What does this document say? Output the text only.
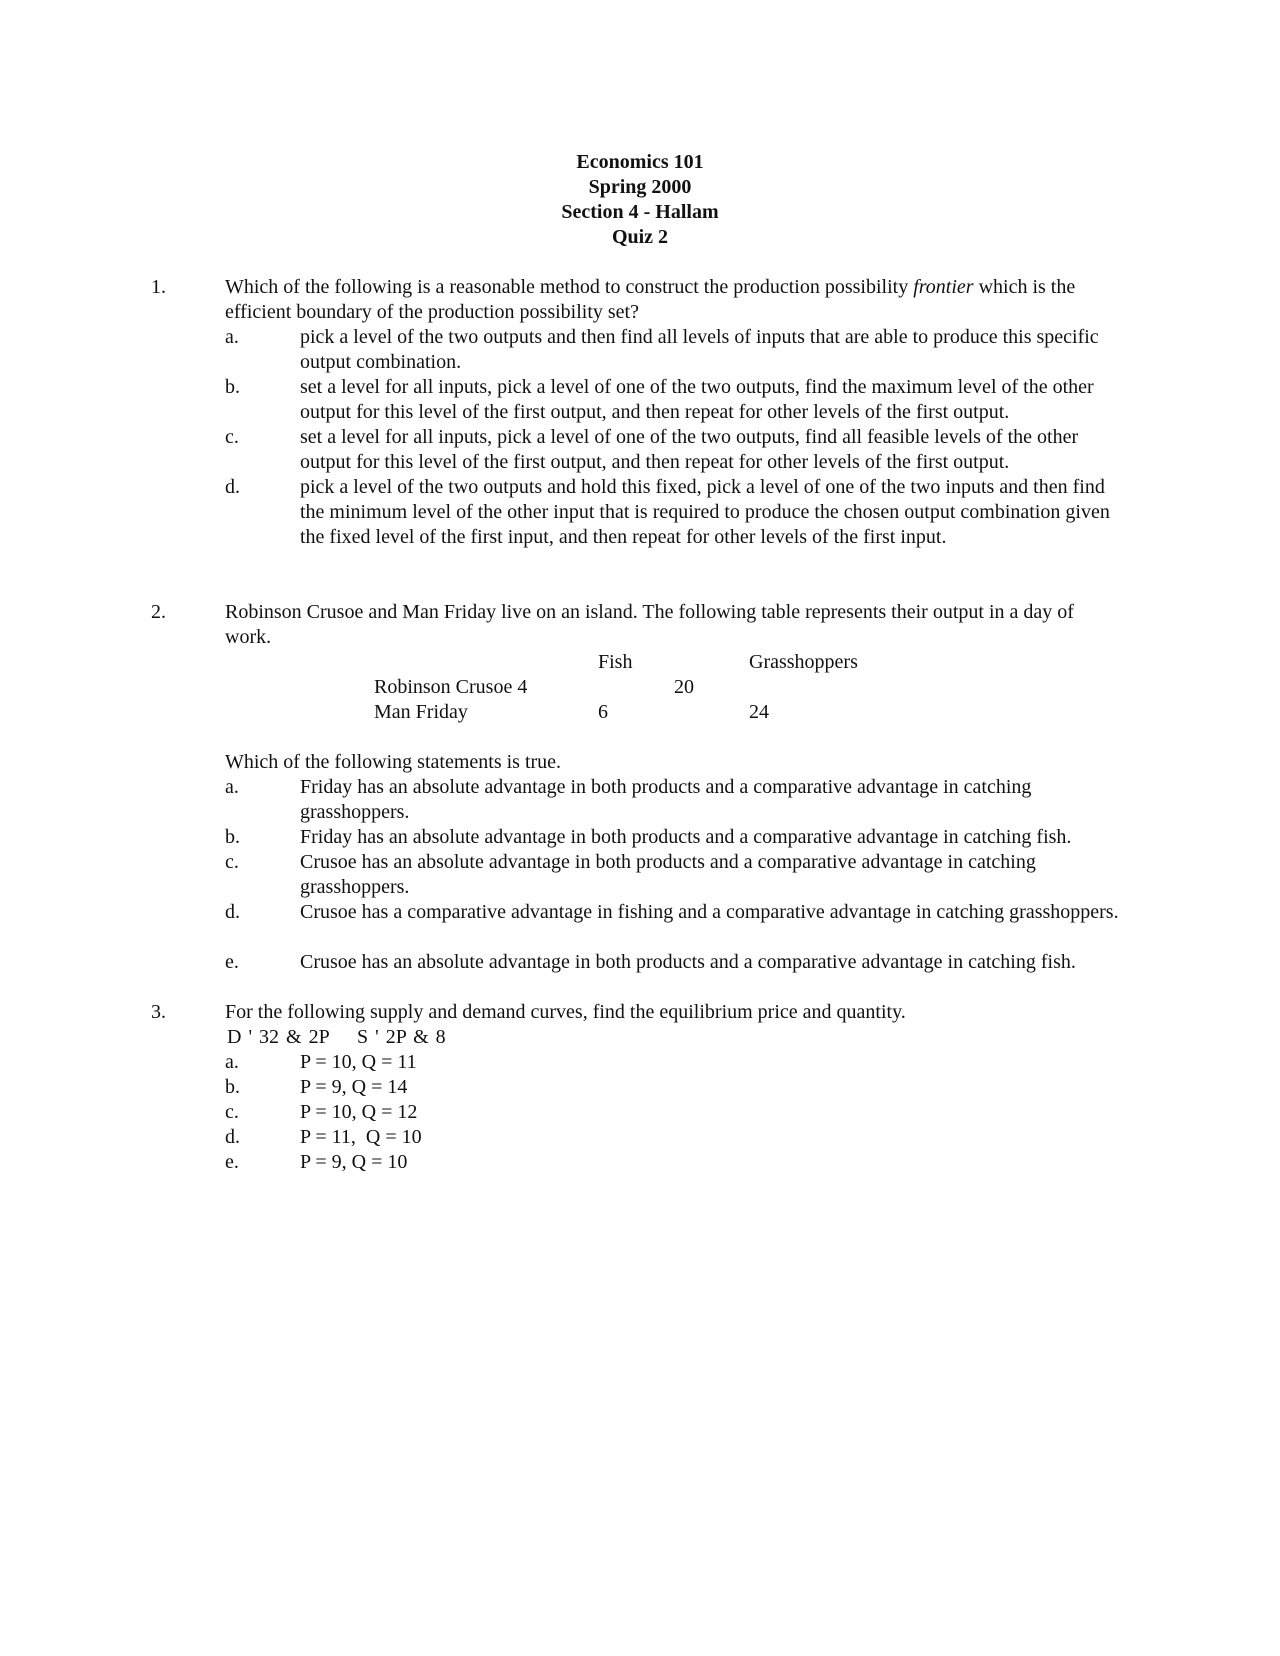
Economics 101
Spring 2000
Section 4 - Hallam
Quiz 2
1.	Which of the following is a reasonable method to construct the production possibility frontier which is the efficient boundary of the production possibility set?
a.	pick a level of the two outputs and then find all levels of inputs that are able to produce this specific output combination.
b.	set a level for all inputs, pick a level of one of the two outputs, find the maximum level of the other output for this level of the first output, and then repeat for other levels of the first output.
c.	set a level for all inputs, pick a level of one of the two outputs, find all feasible levels of the other output for this level of the first output, and then repeat for other levels of the first output.
d.	pick a level of the two outputs and hold this fixed, pick a level of one of the two inputs and then find the minimum level of the other input that is required to produce the chosen output combination given the fixed level of the first input, and then repeat for other levels of the first input.
2.	Robinson Crusoe and Man Friday live on an island. The following table represents their output in a day of work.
Fish	Grasshoppers
Robinson Crusoe 4	20
Man Friday	6	24
Which of the following statements is true.
a.	Friday has an absolute advantage in both products and a comparative advantage in catching grasshoppers.
b.	Friday has an absolute advantage in both products and a comparative advantage in catching fish.
c.	Crusoe has an absolute advantage in both products and a comparative advantage in catching grasshoppers.
d.	Crusoe has a comparative advantage in fishing and a comparative advantage in catching grasshoppers.
e.	Crusoe has an absolute advantage in both products and a comparative advantage in catching fish.
3.	For the following supply and demand curves, find the equilibrium price and quantity.
D ' 32 & 2P    S ' 2P & 8
a.	P = 10, Q = 11
b.	P = 9, Q = 14
c.	P = 10, Q = 12
d.	P = 11,  Q = 10
e.	P = 9, Q = 10
